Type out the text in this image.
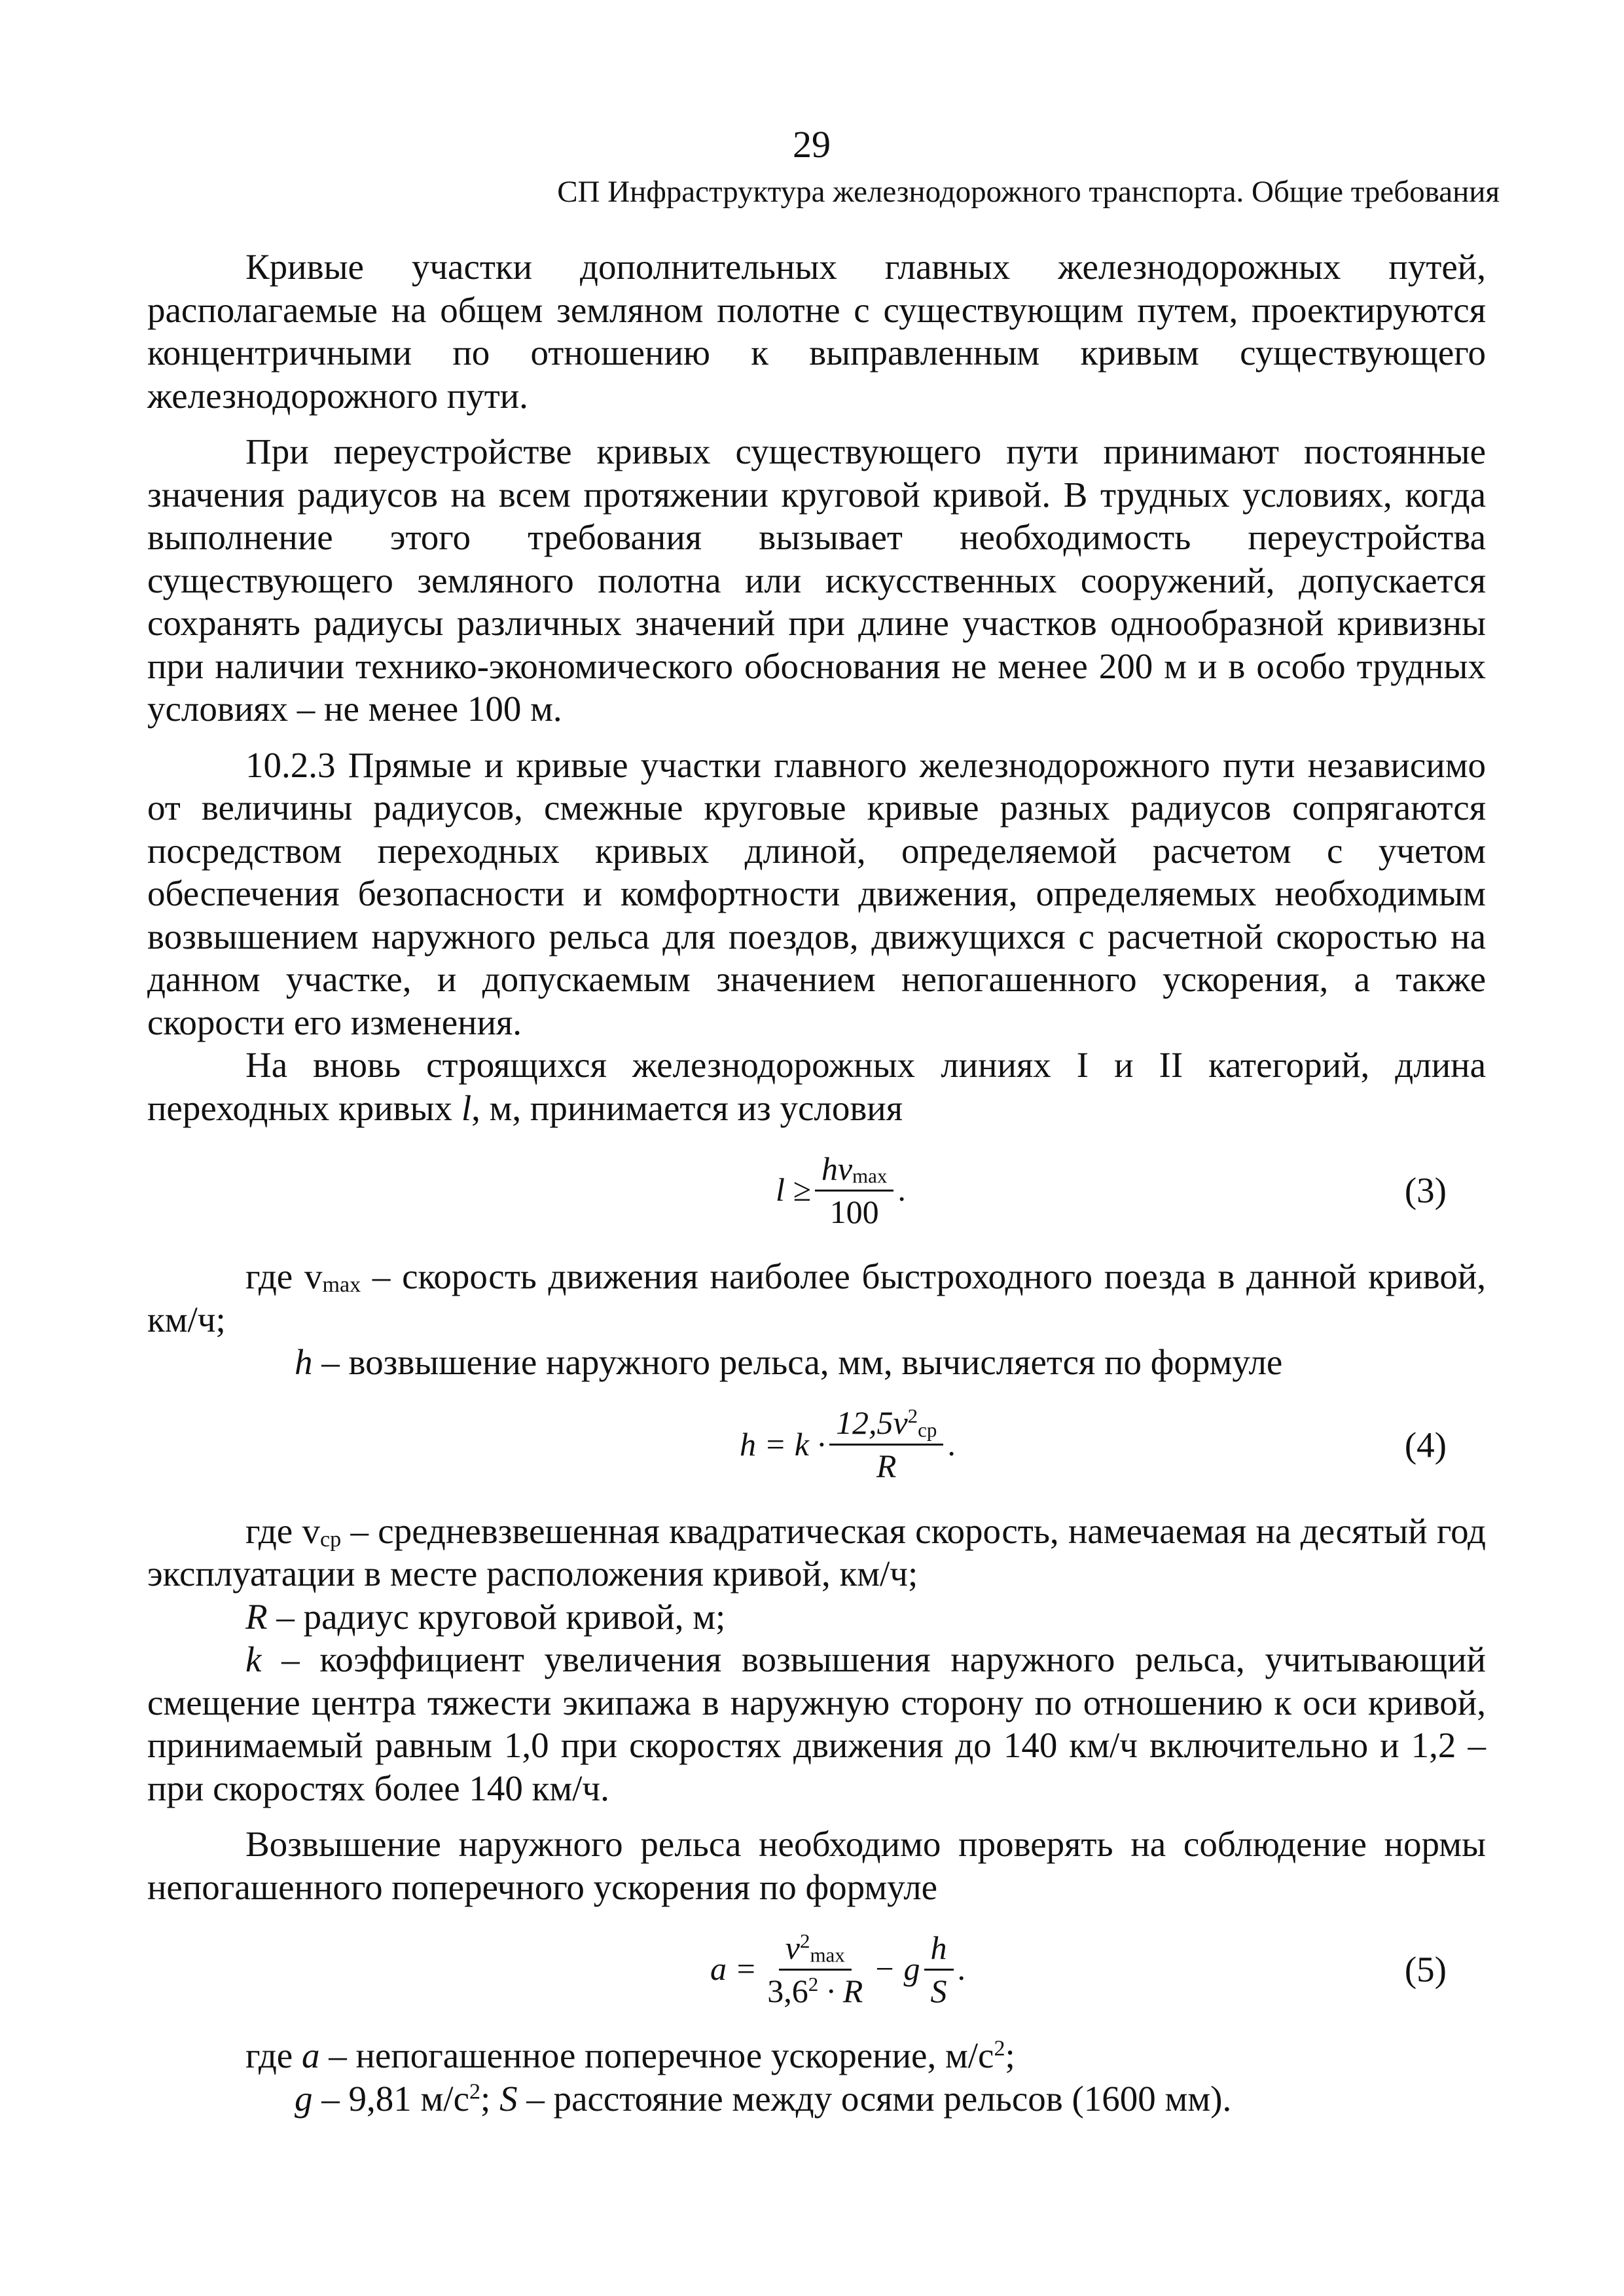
29
СП Инфраструктура железнодорожного транспорта. Общие требования

Кривые участки дополнительных главных железнодорожных путей, располагаемые на общем земляном полотне с существующим путем, проектируются концентричными по отношению к выправленным кривым существующего железнодорожного пути.

При переустройстве кривых существующего пути принимают постоянные значения радиусов на всем протяжении круговой кривой. В трудных условиях, когда выполнение этого требования вызывает необходимость переустройства существующего земляного полотна или искусственных сооружений, допускается сохранять радиусы различных значений при длине участков однообразной кривизны при наличии технико-экономического обоснования не менее 200 м и в особо трудных условиях – не менее 100 м.

10.2.3 Прямые и кривые участки главного железнодорожного пути независимо от величины радиусов, смежные круговые кривые разных радиусов сопрягаются посредством переходных кривых длиной, определяемой расчетом с учетом обеспечения безопасности и комфортности движения, определяемых необходимым возвышением наружного рельса для поездов, движущихся с расчетной скоростью на данном участке, и допускаемым значением непогашенного ускорения, а также скорости его изменения.

На вновь строящихся железнодорожных линиях I и II категорий, длина переходных кривых l, м, принимается из условия

$l \ge \frac{hv_{max}}{100}$ .	(3)

где $v_{max}$ – скорость движения наиболее быстроходного поезда в данной кривой, км/ч;

h – возвышение наружного рельса, мм, вычисляется по формуле

$h = k \cdot \frac{12,5v^2_{ср}}{R}$ .	(4)

где $v_{ср}$ – средневзвешенная квадратическая скорость, намечаемая на десятый год эксплуатации в месте расположения кривой, км/ч;

R – радиус круговой кривой, м;

k – коэффициент увеличения возвышения наружного рельса, учитывающий смещение центра тяжести экипажа в наружную сторону по отношению к оси кривой, принимаемый равным 1,0 при скоростях движения до 140 км/ч включительно и 1,2 – при скоростях более 140 км/ч.

Возвышение наружного рельса необходимо проверять на соблюдение нормы непогашенного поперечного ускорения по формуле

$a = \frac{v^2_{max}}{3,6^2 \cdot R} - g \frac{h}{S}$ .	(5)

где a – непогашенное поперечное ускорение, $м/с^2$;

g – 9,81 $м/с^2$; S – расстояние между осями рельсов (1600 мм).
